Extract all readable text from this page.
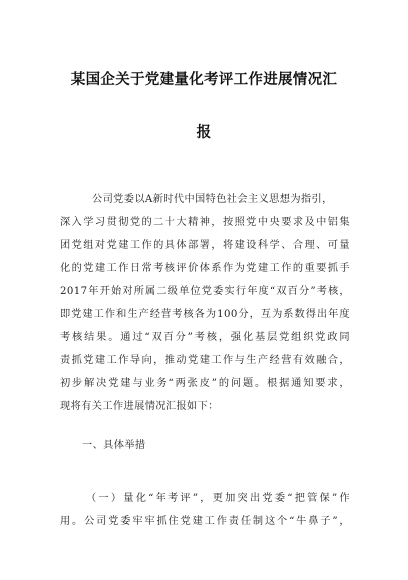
某国企关于党建量化考评工作进展情况汇
报

公司党委以A新时代中国特色社会主义思想为指引，

深入学习贯彻党的二十大精神，按照党中央要求及中铝集

团党组对党建工作的具体部署，将建设科学、合理、可量

化的党建工作日常考核评价体系作为党建工作的重要抓手

2017年开始对所属二级单位党委实行年度“双百分”考核，

即党建工作和生产经营考核各为100分，互为系数得出年度

考核结果。通过“双百分”考核，强化基层党组织党政同

责抓党建工作导向，推动党建工作与生产经营有效融合，

初步解决党建与业务“两张皮”的问题。根据通知要求，

现将有关工作进展情况汇报如下：

一、具体举措

（一）量化“年考评”，更加突出党委“把管保”作

用。公司党委牢牢抓住党建工作责任制这个“牛鼻子”，
